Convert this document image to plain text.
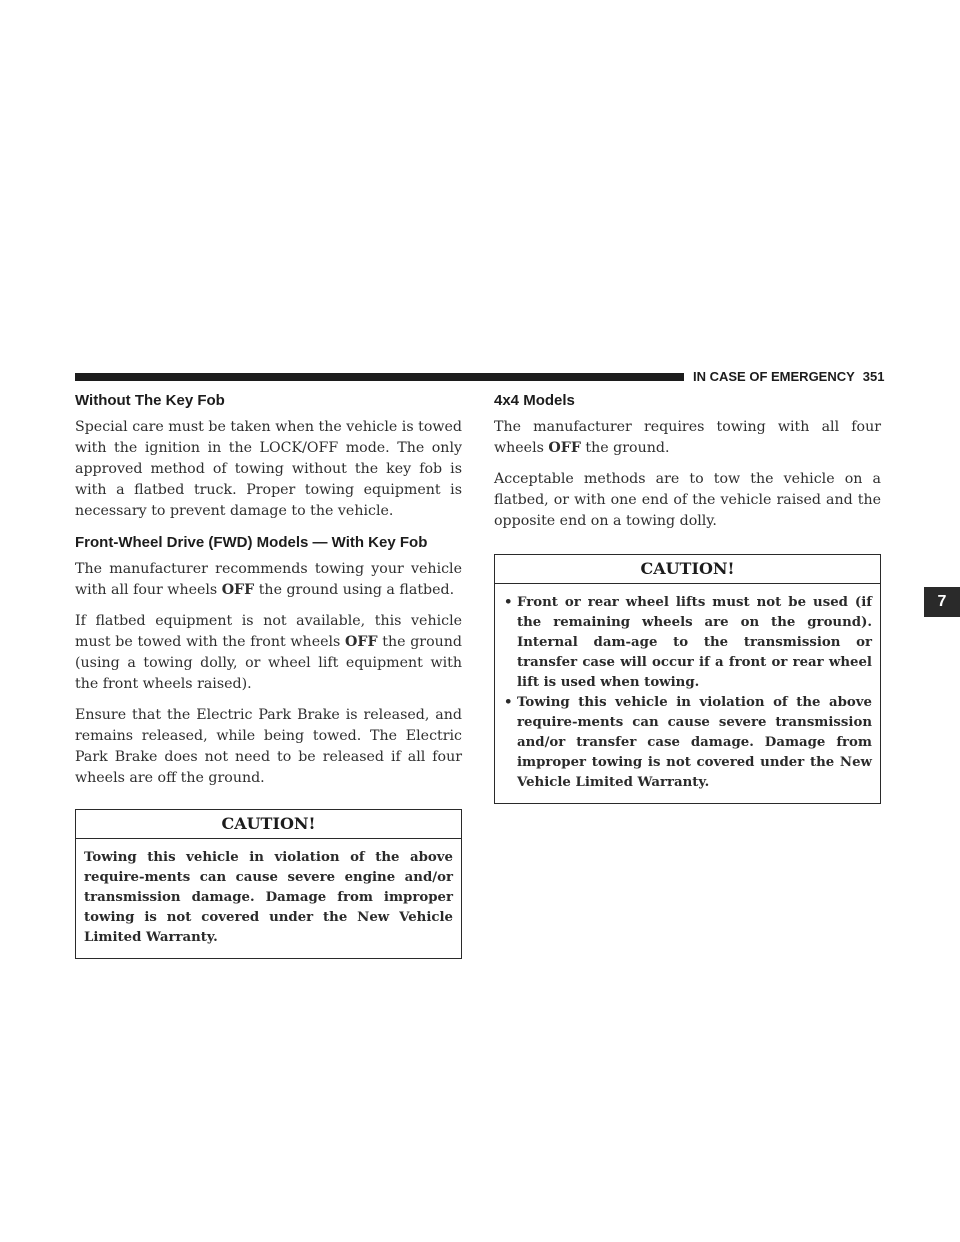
IN CASE OF EMERGENCY 351
7
Without The Key Fob

Special care must be taken when the vehicle is towed with the ignition in the LOCK/OFF mode. The only approved method of towing without the key fob is with a flatbed truck. Proper towing equipment is necessary to prevent damage to the vehicle.

Front-Wheel Drive (FWD) Models — With Key Fob

The manufacturer recommends towing your vehicle with all four wheels OFF the ground using a flatbed.

If flatbed equipment is not available, this vehicle must be towed with the front wheels OFF the ground (using a towing dolly, or wheel lift equipment with the front wheels raised).

Ensure that the Electric Park Brake is released, and remains released, while being towed. The Electric Park Brake does not need to be released if all four wheels are off the ground.

CAUTION!
Towing this vehicle in violation of the above require-ments can cause severe engine and/or transmission damage. Damage from improper towing is not covered under the New Vehicle Limited Warranty.
4x4 Models

The manufacturer requires towing with all four wheels OFF the ground.

Acceptable methods are to tow the vehicle on a flatbed, or with one end of the vehicle raised and the opposite end on a towing dolly.

CAUTION!
• Front or rear wheel lifts must not be used (if the remaining wheels are on the ground). Internal dam-age to the transmission or transfer case will occur if a front or rear wheel lift is used when towing.
• Towing this vehicle in violation of the above require-ments can cause severe transmission and/or transfer case damage. Damage from improper towing is not covered under the New Vehicle Limited Warranty.
